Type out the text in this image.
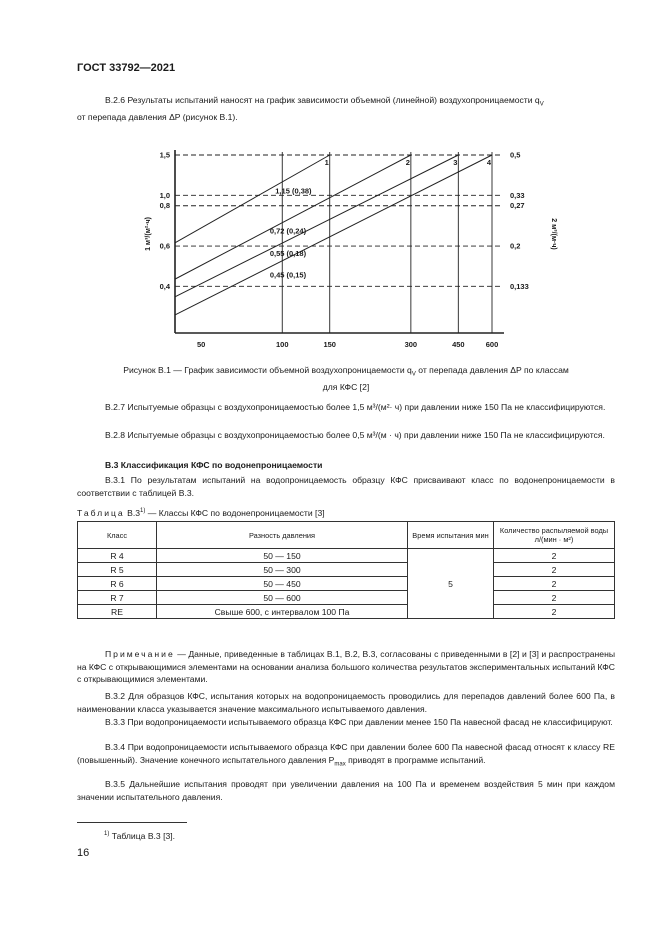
ГОСТ 33792—2021

В.2.6 Результаты испытаний наносят на график зависимости объемной (линейной) воздухопроницаемости $q_V$

от перепада давления ΔP (рисунок В.1).

50	100	150	300	450	600
1,5	0,5
1,0	0,33
0,8	0,27
0,6	0,2
0,4	0,133
1	2	3	4
1,15 (0,38)
0,72 (0,24)
0,55 (0,18)
0,45 (0,15)
1 м³/(м²·ч)	2 м³/(м·ч)

Рисунок В.1 — График зависимости объемной воздухопроницаемости $q_V$ от перепада давления ΔP по классам

для КФС [2]

В.2.7 Испытуемые образцы с воздухопроницаемостью более 1,5 м³/(м²· ч) при давлении ниже 150 Па не классифицируются.

В.2.8 Испытуемые образцы с воздухопроницаемостью более 0,5 м³/(м · ч) при давлении ниже 150 Па не классифицируются.

В.3 Классификация КФС по водонепроницаемости

В.3.1 По результатам испытаний на водопроницаемость образцу КФС присваивают класс по водонепроницаемости в соответствии с таблицей В.3.

Таблица В.3$^{1)}$ — Классы КФС по водонепроницаемости [3]

Класс	Разность давления	Время испытания мин	Количество распыляемой воды л/(мин · м²)
R 4	50 — 150	5	2
R 5	50 — 300		2
R 6	50 — 450		2
R 7	50 — 600		2
RE	Свыше 600, с интервалом 100 Па		2

Примечание — Данные, приведенные в таблицах В.1, В.2, В.3, согласованы с приведенными в [2] и [3] и распространены на КФС с открывающимися элементами на основании анализа большого количества результатов экспериментальных испытаний КФС с открывающимися элементами.

В.3.2 Для образцов КФС, испытания которых на водопроницаемость проводились для перепадов давлений более 600 Па, в наименовании класса указывается значение максимального испытываемого давления.

В.3.3 При водопроницаемости испытываемого образца КФС при давлении менее 150 Па навесной фасад не классифицируют.

В.3.4 При водопроницаемости испытываемого образца КФС при давлении более 600 Па навесной фасад относят к классу RE (повышенный). Значение конечного испытательного давления $P_{max}$ приводят в программе испытаний.

В.3.5 Дальнейшие испытания проводят при увеличении давления на 100 Па и временем воздействия 5 мин при каждом значении испытательного давления.

$^{1)}$ Таблица В.3 [3].

16
